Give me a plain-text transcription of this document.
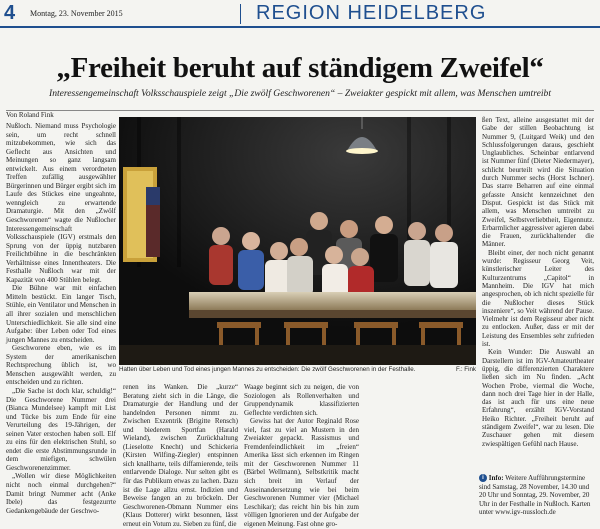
4 Montag, 23. November 2015	REGION HEIDELBERG
„Freiheit beruht auf ständigem Zweifel“
Interessengemeinschaft Volksschauspiele zeigt „Die zwölf Geschworenen“ – Zweiakter gespickt mit allem, was Menschen umtreibt
Von Roland Fink

Nußloch. Niemand muss Psychologie sein, um recht schnell mitzubekommen, wie sich das Geflecht aus Ansichten und Meinungen so ganz langsam entwickelt. Aus einem verordneten Treffen zufällig ausgewählter Bürgerinnen und Bürger ergibt sich im Laufe des Stückes eine ungeahnte, wenngleich zu erwartende Dramaturgie. Mit den „Zwölf Geschworenen“ wagte die Nußlocher Interessengemeinschaft Volksschauspiele (IGV) erstmals den Sprung von der üppig nutzbaren Freilichtbühne in die beschränkten Verhältnisse eines Innentheaters. Die Festhalle Nußloch war mit der Kapazität von 400 Stühlen belegt.

Die Bühne war mit einfachen Mitteln bestückt. Ein langer Tisch, Stühle, ein Ventilator und Menschen in all ihrer sozialen und menschlichen Unterschiedlichkeit. Sie alle sind eine Aufgabe: über Leben oder Tod eines jungen Mannes zu entscheiden.

Geschworene eben, wie es im System der amerikanischen Rechtsprechung üblich ist, wo Menschen ausgewählt werden, zu entscheiden und zu richten.

„Die Sache ist doch klar, schuldig!“ Die Geschworene Nummer drei (Bianca Mundelsee) kampft mit List und Tücke bis zum Ende für eine Verurteilung des 19-Jährigen, der seinen Vater erstochen haben soll. Elf zu eins für den elektrischen Stuhl, so endet die erste Abstimmungsrunde in dem miefigen, schwülen Geschworenenzimmer.

„Wollen wir diese Möglichkeiten nicht noch einmal durchgehen?“ Damit bringt Nummer acht (Anke Ibele) das festgezurrte Gedankengebäude der Geschwo-

Hatten über Leben und Tod eines jungen Mannes zu entscheiden: Die zwölf Geschworenen in der Festhalle.	F.: Fink

renen ins Wanken. Die „kurze“ Beratung zieht sich in die Länge, die Dramaturgie der Handlung und der handelnden Personen nimmt zu. Zwischen Exzentrik (Brigitte Rensch) und biederem Sportfan (Harald Wieland), zwischen Zurückhaltung (Lieselotte Knecht) und Schickeria (Kirsten Wilfing-Ziegler) entspinnen sich knallharte, teils diffamierende, teils entlarvende Dialoge. Nur selten gibt es für das Publikum etwas zu lachen. Dazu ist die Lage allzu ernst. Indizien und Beweise fangen an zu bröckeln. Der Geschworenen-Obmann Nummer eins (Klaus Dotterer) wirkt besonnen, lässt erneut ein Votum zu. Sieben zu fünf, die

Waage beginnt sich zu neigen, die von Soziologen als Rollenverhalten und Gruppendynamik klassifizierten Geflechte verdichten sich.

Gewiss hat der Autor Reginald Rose viel, fast zu viel an Mustern in den Zweiakter gepackt. Rassismus und Fremdenfeindlichkeit im „freien“ Amerika lässt sich erkennen im Ringen mit der Geschworenen Nummer 11 (Bärbel Wellmann), Selbstkritik macht sich breit im Verlauf der Auseinandersetzung wie bei beim Geschworenen Nummer vier (Michael Leschikar); das reicht hin bis hin zum völligen Ignorieren und der Aufgabe der eigenen Meinung. Fast ohne gro-

ßen Text, alleine ausgestattet mit der Gabe der stillen Beobachtung ist Nummer 9, (Luitgard Weik) und den Schlussfolgerungen daraus, geschieht Unglaubliches. Scheinbar entlarvend ist Nummer fünf (Dieter Niedermayer), schlicht beurteilt wird die Situation durch Nummer sechs (Horst Ischner). Das starre Beharren auf eine einmal gefasste Ansicht kennzeichnet den Disput. Gespickt ist das Stück mit allem, was Menschen umtreibt zu Zweifel, Selbstverliebtheit, Eigennutz. Erbarmlicher aggressiver agieren dabei die Frauen, zurückhaltender die Männer.

Bleibt einer, der noch nicht genannt wurde: Regisseur Georg Veit, künstlerischer Leiter des Kulturzentrums „Capitol“ in Mannheim. Die IGV hat mich angesprochen, ob ich nicht spezielle für die Nußlocher dieses Stück inszeniere“, so Veit während der Pause. Vielmehr ist dem Regisseur aber nicht zu entlocken. Außer, dass er mit der Leistung des Ensembles sehr zufrieden ist.

Kein Wunder: Die Auswahl an Darstellern ist im IGV-Amateurtheater üppig, die differenzierten Charaktere ließen sich im Nu finden. „Acht Wochen Probe, viermal die Woche, dann noch drei Tage hier in der Halle, das ist auch für uns eine neue Erfahrung“, erzählt IGV-Vorstand Heiko Richter. „Freiheit beruht auf ständigem Zweifel“, war zu lesen. Die Zuschauer gehen mit diesem zwiespältigen Gefühl nach Hause.

i Info: Weitere Aufführungstermine sind Samstag, 28 November, 14.30 und 20 Uhr und Sonntag, 29. November, 20 Uhr in der Festhalle in Nußloch. Karten unter www.igv-nussloch.de
